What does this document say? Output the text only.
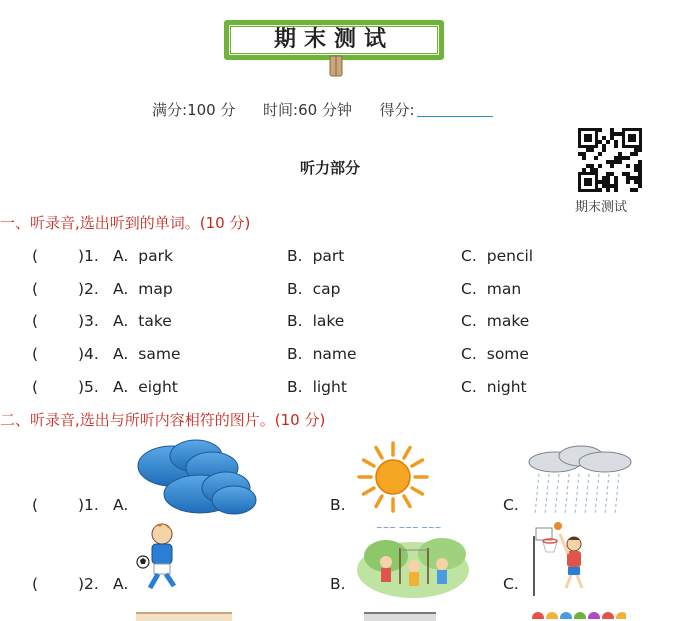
期末测试
满分:100 分 时间:60 分钟 得分:
听力部分
期末测试
一、听录音,选出听到的单词。(10 分)
(	)1. A. park	B. part	C. pencil
(	)2. A. map	B. cap	C. man
(	)3. A. take	B. lake	C. make
(	)4. A. same	B. name	C. some
(	)5. A. eight	B. light	C. night
二、听录音,选出与所听内容相符的图片。(10 分)
(	)1. A.	B.	C.
(	)2. A.	B.	C.
~~~ ~~~ ~~~
